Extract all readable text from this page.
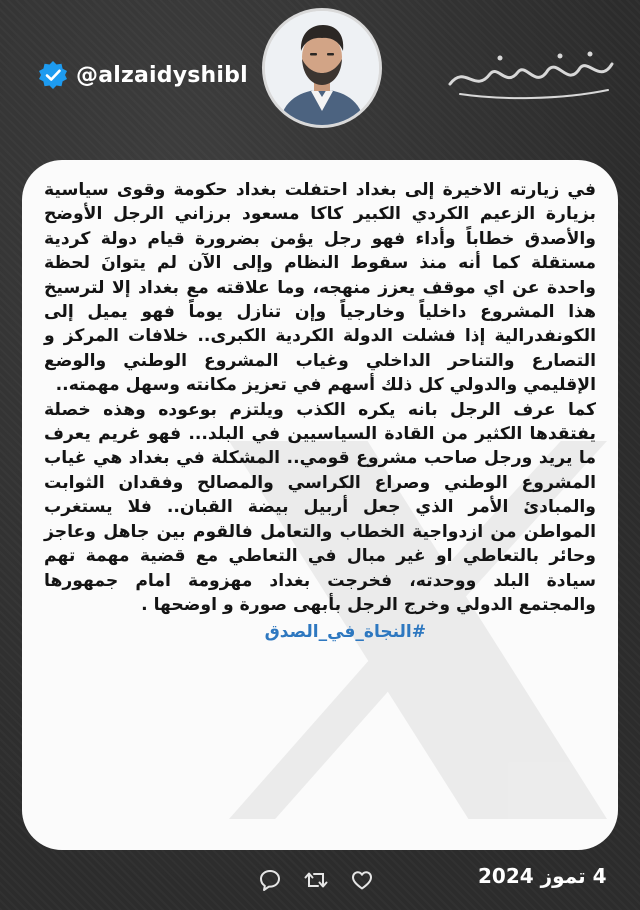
@alzaidyshibl

في زيارته الاخيرة إلى بغداد احتفلت بغداد حكومة وقوى سياسية بزيارة الزعيم الكردي الكبير كاكا مسعود برزاني الرجل الأوضح والأصدق خطاباً وأداء فهو رجل يؤمن بضرورة قيام دولة كردية مستقلة كما أنه منذ سقوط النظام وإلى الآن لم يتوانَ لحظة واحدة عن اي موقف يعزز منهجه، وما علاقته مع بغداد إلا لترسيخ هذا المشروع داخلياً وخارجياً وإن تنازل يوماً فهو يميل إلى الكونفدرالية إذا فشلت الدولة الكردية الكبرى.. خلافات المركز و التصارع والتناحر الداخلي وغياب المشروع الوطني والوضع الإقليمي والدولي كل ذلك أسهم في تعزيز مكانته وسهل مهمته..

كما عرف الرجل بانه يكره الكذب ويلتزم بوعوده وهذه خصلة يفتقدها الكثير من القادة السياسيين في البلد... فهو غريم يعرف ما يريد ورجل صاحب مشروع قومي.. المشكلة في بغداد هي غياب المشروع الوطني وصراع الكراسي والمصالح وفقدان الثوابت والمبادئ الأمر الذي جعل أربيل بيضة القبان.. فلا يستغرب المواطن من ازدواجية الخطاب والتعامل فالقوم بين جاهل وعاجز وحائر بالتعاطي او غير مبال في التعاطي مع قضية مهمة تهم سيادة البلد ووحدته، فخرجت بغداد مهزومة امام جمهورها والمجتمع الدولي وخرج الرجل بأبهى صورة و اوضحها .

#النجاة_في_الصدق
4 تموز 2024
